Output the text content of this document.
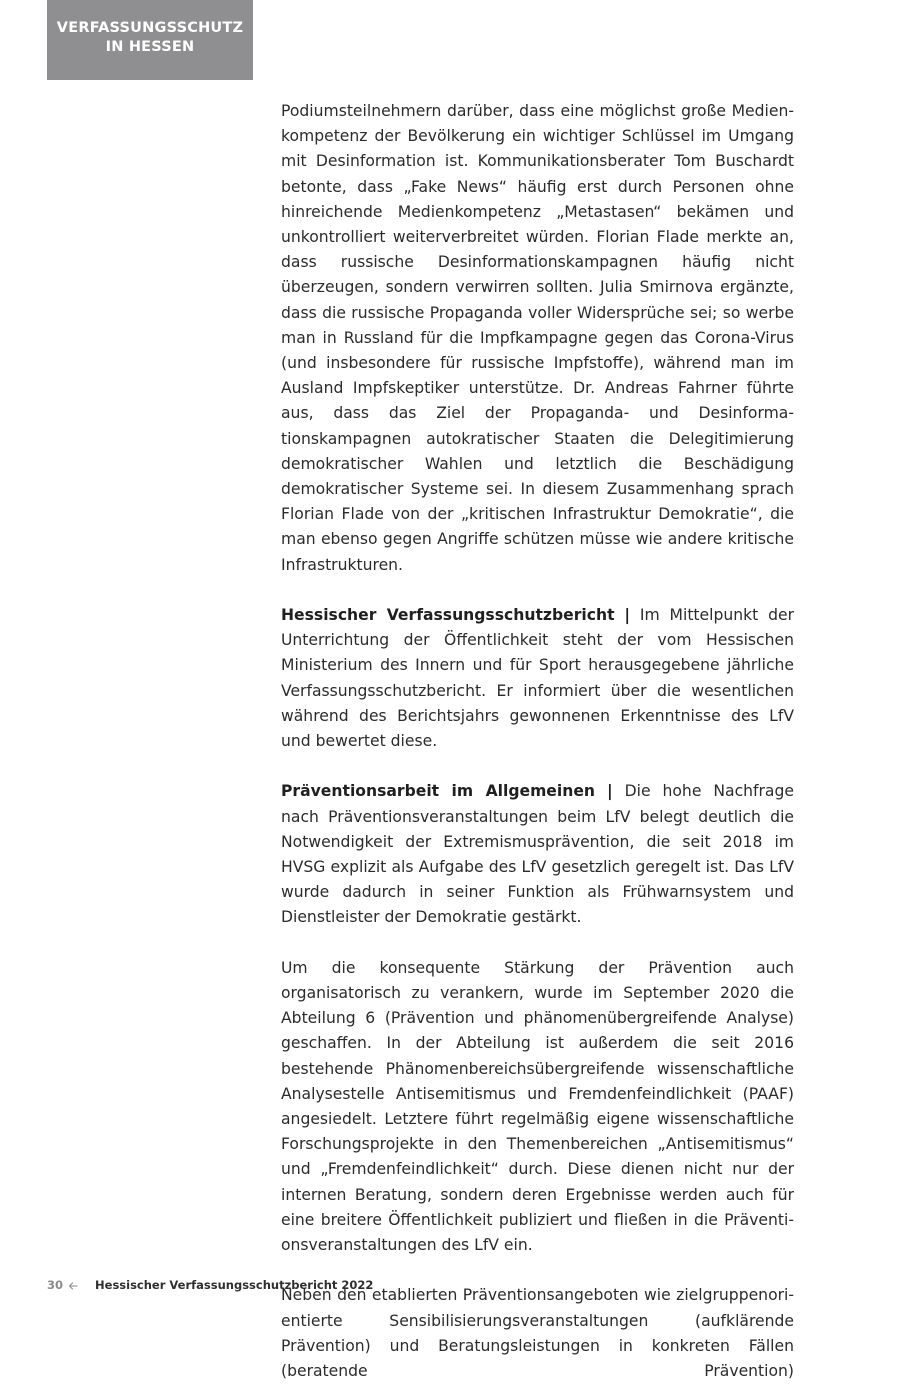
VERFASSUNGSSCHUTZ
IN HESSEN

Podiumsteilnehmern darüber, dass eine möglichst große Medienkompetenz der Bevölkerung ein wichtiger Schlüssel im Umgang mit Desinformation ist. Kommunikationsberater Tom Buschardt betonte, dass „Fake News“ häufig erst durch Personen ohne hinreichende Medienkompetenz „Metastasen“ bekämen und unkontrolliert weiterverbreitet würden. Florian Flade merkte an, dass russische Desinformationskampagnen häufig nicht überzeugen, sondern verwirren sollten. Julia Smirnova ergänzte, dass die russische Propaganda voller Widersprüche sei; so werbe man in Russland für die Impfkampagne gegen das Corona-Virus (und insbesondere für russische Impfstoffe), während man im Ausland Impfskeptiker unterstütze. Dr. Andreas Fahrner führte aus, dass das Ziel der Propaganda- und Desinformationskampagnen autokratischer Staaten die Delegitimierung demokratischer Wahlen und letztlich die Beschädigung demokratischer Systeme sei. In diesem Zusammenhang sprach Florian Flade von der „kritischen Infrastruktur Demokratie“, die man ebenso gegen Angriffe schützen müsse wie andere kritische Infrastrukturen.

Hessischer Verfassungsschutzbericht | Im Mittelpunkt der Unterrichtung der Öffentlichkeit steht der vom Hessischen Ministerium des Innern und für Sport herausgegebene jährliche Verfassungsschutzbericht. Er informiert über die wesentlichen während des Berichtsjahrs gewonnenen Erkenntnisse des LfV und bewertet diese.

Präventionsarbeit im Allgemeinen | Die hohe Nachfrage nach Präventionsveranstaltungen beim LfV belegt deutlich die Notwendigkeit der Extremismusprävention, die seit 2018 im HVSG explizit als Aufgabe des LfV gesetzlich geregelt ist. Das LfV wurde dadurch in seiner Funktion als Frühwarnsystem und Dienstleister der Demokratie gestärkt.

Um die konsequente Stärkung der Prävention auch organisatorisch zu verankern, wurde im September 2020 die Abteilung 6 (Prävention und phänomenübergreifende Analyse) geschaffen. In der Abteilung ist außerdem die seit 2016 bestehende Phänomenbereichsübergreifende wissenschaftliche Analysestelle Antisemitismus und Fremdenfeindlichkeit (PAAF) angesiedelt. Letztere führt regelmäßig eigene wissenschaftliche Forschungsprojekte in den Themenbereichen „Antisemitismus“ und „Fremdenfeindlichkeit“ durch. Diese dienen nicht nur der internen Beratung, sondern deren Ergebnisse werden auch für eine breitere Öffentlichkeit publiziert und fließen in die Präventionsveranstaltungen des LfV ein.

Neben den etablierten Präventionsangeboten wie zielgruppenorientierte Sensibilisierungsveranstaltungen (aufklärende Prävention) und Beratungsleistungen in konkreten Fällen (beratende Prävention)

30	Hessischer Verfassungsschutzbericht 2022
